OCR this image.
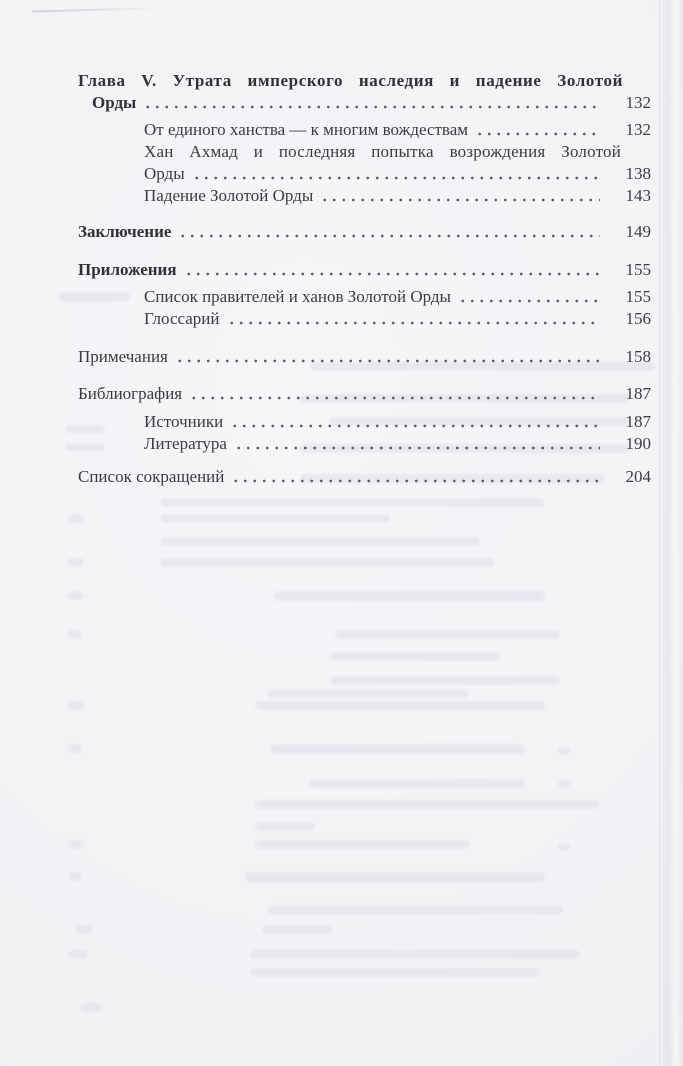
Глава V. Утрата имперского наследия и падение Золотой
Орды	132
От единого ханства — к многим вождествам	132
Хан Ахмад и последняя попытка возрождения Золотой
Орды	138
Падение Золотой Орды	143
Заключение	149
Приложения	155
Список правителей и ханов Золотой Орды	155
Глоссарий	156
Примечания	158
Библиография	187
Источники	187
Литература	190
Список сокращений	204
